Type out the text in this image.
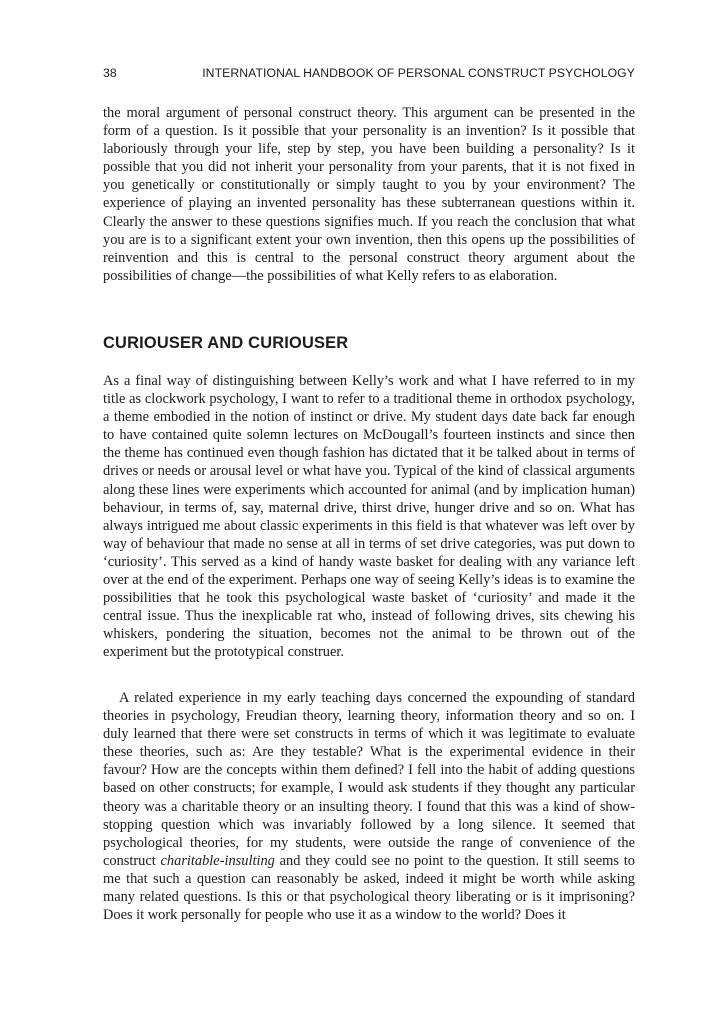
38	INTERNATIONAL HANDBOOK OF PERSONAL CONSTRUCT PSYCHOLOGY

the moral argument of personal construct theory. This argument can be presented in the form of a question. Is it possible that your personality is an invention? Is it possible that laboriously through your life, step by step, you have been building a personality? Is it possible that you did not inherit your personality from your parents, that it is not fixed in you genetically or constitutionally or simply taught to you by your environment? The experience of playing an invented personality has these subterranean questions within it. Clearly the answer to these questions signifies much. If you reach the conclusion that what you are is to a significant extent your own invention, then this opens up the possibilities of reinvention and this is central to the personal construct theory argument about the possibilities of change—the possibilities of what Kelly refers to as elaboration.

CURIOUSER AND CURIOUSER

As a final way of distinguishing between Kelly’s work and what I have referred to in my title as clockwork psychology, I want to refer to a traditional theme in orthodox psychology, a theme embodied in the notion of instinct or drive. My student days date back far enough to have contained quite solemn lectures on McDougall’s fourteen instincts and since then the theme has continued even though fashion has dictated that it be talked about in terms of drives or needs or arousal level or what have you. Typical of the kind of classical arguments along these lines were experiments which accounted for animal (and by implication human) behaviour, in terms of, say, maternal drive, thirst drive, hunger drive and so on. What has always intrigued me about classic experiments in this field is that whatever was left over by way of behaviour that made no sense at all in terms of set drive categories, was put down to ‘curiosity’. This served as a kind of handy waste basket for dealing with any variance left over at the end of the experiment. Perhaps one way of seeing Kelly’s ideas is to examine the possibilities that he took this psychological waste basket of ‘curiosity’ and made it the central issue. Thus the inexplicable rat who, instead of following drives, sits chewing his whiskers, pondering the situation, becomes not the animal to be thrown out of the experiment but the prototypical construer.

A related experience in my early teaching days concerned the expounding of standard theories in psychology, Freudian theory, learning theory, information theory and so on. I duly learned that there were set constructs in terms of which it was legitimate to evaluate these theories, such as: Are they testable? What is the experimental evidence in their favour? How are the concepts within them defined? I fell into the habit of adding questions based on other constructs; for example, I would ask students if they thought any particular theory was a charitable theory or an insulting theory. I found that this was a kind of show-stopping question which was invariably followed by a long silence. It seemed that psychological theories, for my students, were outside the range of convenience of the construct charitable-insulting and they could see no point to the question. It still seems to me that such a question can reasonably be asked, indeed it might be worth while asking many related questions. Is this or that psychological theory liberating or is it imprisoning? Does it work personally for people who use it as a window to the world? Does it
